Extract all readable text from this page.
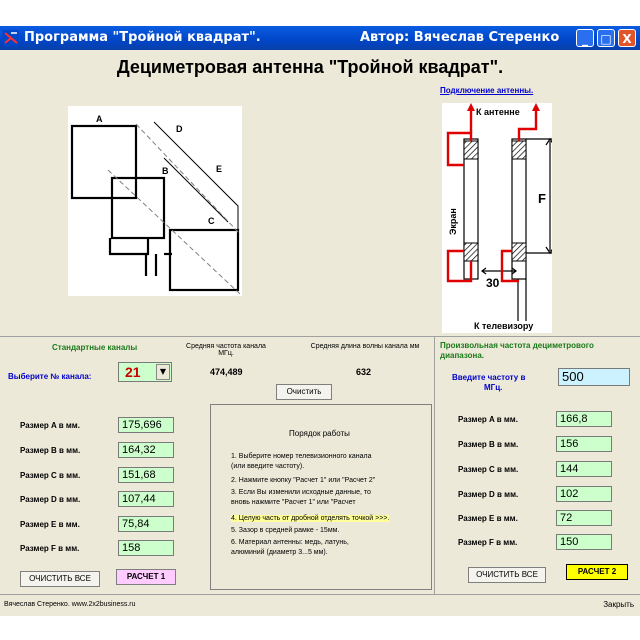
Программа "Тройной квадрат".	Автор: Вячеслав Стеренко	_	□ X
Дециметровая антенна "Тройной квадрат".
A
B
C
D
E
Подключение антенны.
К антенне
Экран
F
30
К телевизору
Стандартные каналы
Выберите № канала: 21	▼
Средняя частота канала МГц.
474,489
Средняя длина волны канала мм
632
Очистить
Размер A в мм.	175,696
Размер B в мм.	164,32
Размер C в мм.	151,68
Размер D в мм.	107,44
Размер E в мм.	75,84
Размер F в мм.	158
ОЧИСТИТЬ ВСЕ	РАСЧЕТ 1
Порядок работы
1. Выберите номер телевизионного канала
(или введите частоту).
2. Нажмите кнопку "Расчет 1" или "Расчет 2"
3. Если Вы изменили исходные данные, то
вновь нажмите "Расчет 1" или "Расчет
4. Целую часть от дробной отделять точкой >>>.
5. Зазор в средней рамке - 15мм.
6. Материал антенны: медь, латунь,
алюминий (диаметр 3...5 мм).
Произвольная частота дециметрового
диапазона.
Введите частоту в
МГц.
500
Размер A в мм.	166,8
Размер B в мм.	156
Размер C в мм.	144
Размер D в мм.	102
Размер E в мм.	72
Размер F в мм.	150
ОЧИСТИТЬ ВСЕ	РАСЧЕТ 2
Вячеслав Стеренко. www.2x2business.ru	Закрыть
